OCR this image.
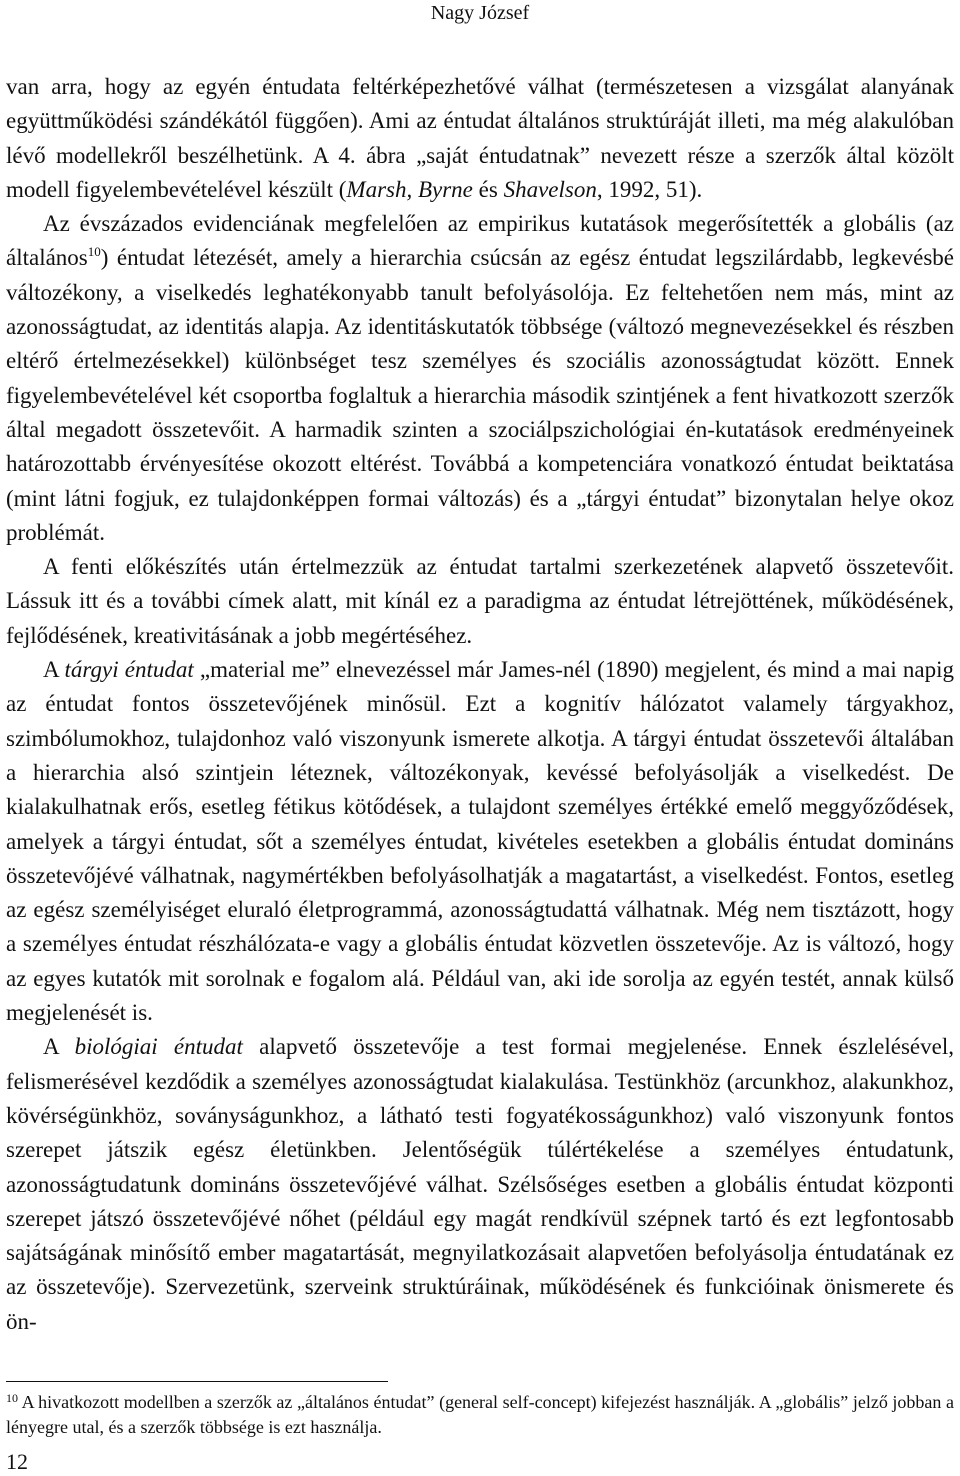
Nagy József

van arra, hogy az egyén éntudata feltérképezhetővé válhat (természetesen a vizsgálat alanyának együttműködési szándékától függően). Ami az éntudat általános struktúráját illeti, ma még alakulóban lévő modellekről beszélhetünk. A 4. ábra „saját éntudatnak” nevezett része a szerzők által közölt modell figyelembevételével készült (Marsh, Byrne és Shavelson, 1992, 51).

Az évszázados evidenciának megfelelően az empirikus kutatások megerősítették a globális (az általános$^{10}$) éntudat létezését, amely a hierarchia csúcsán az egész éntudat legszilárdabb, legkevésbé változékony, a viselkedés leghatékonyabb tanult befolyásolója. Ez feltehetően nem más, mint az azonosságtudat, az identitás alapja. Az identitáskutatók többsége (változó megnevezésekkel és részben eltérő értelmezésekkel) különbséget tesz személyes és szociális azonosságtudat között. Ennek figyelembevételével két csoportba foglaltuk a hierarchia második szintjének a fent hivatkozott szerzők által megadott összetevőit. A harmadik szinten a szociálpszichológiai én-kutatások eredményeinek határozottabb érvényesítése okozott eltérést. Továbbá a kompetenciára vonatkozó éntudat beiktatása (mint látni fogjuk, ez tulajdonképpen formai változás) és a „tárgyi éntudat” bizonytalan helye okoz problémát.

A fenti előkészítés után értelmezzük az éntudat tartalmi szerkezetének alapvető összetevőit. Lássuk itt és a további címek alatt, mit kínál ez a paradigma az éntudat létrejöttének, működésének, fejlődésének, kreativitásának a jobb megértéséhez.

A tárgyi éntudat „material me” elnevezéssel már James-nél (1890) megjelent, és mind a mai napig az éntudat fontos összetevőjének minősül. Ezt a kognitív hálózatot valamely tárgyakhoz, szimbólumokhoz, tulajdonhoz való viszonyunk ismerete alkotja. A tárgyi éntudat összetevői általában a hierarchia alsó szintjein léteznek, változékonyak, kevéssé befolyásolják a viselkedést. De kialakulhatnak erős, esetleg fétikus kötődések, a tulajdont személyes értékké emelő meggyőződések, amelyek a tárgyi éntudat, sőt a személyes éntudat, kivételes esetekben a globális éntudat domináns összetevőjévé válhatnak, nagymértékben befolyásolhatják a magatartást, a viselkedést. Fontos, esetleg az egész személyiséget eluraló életprogrammá, azonosságtudattá válhatnak. Még nem tisztázott, hogy a személyes éntudat részhálózata-e vagy a globális éntudat közvetlen összetevője. Az is változó, hogy az egyes kutatók mit sorolnak e fogalom alá. Például van, aki ide sorolja az egyén testét, annak külső megjelenését is.

A biológiai éntudat alapvető összetevője a test formai megjelenése. Ennek észlelésével, felismerésével kezdődik a személyes azonosságtudat kialakulása. Testünkhöz (arcunkhoz, alakunkhoz, kövérségünkhöz, soványságunkhoz, a látható testi fogyatékosságunkhoz) való viszonyunk fontos szerepet játszik egész életünkben. Jelentőségük túlértékelése a személyes éntudatunk, azonosságtudatunk domináns összetevőjévé válhat. Szélsőséges esetben a globális éntudat központi szerepet játszó összetevőjévé nőhet (például egy magát rendkívül szépnek tartó és ezt legfontosabb sajátságának minősítő ember magatartását, megnyilatkozásait alapvetően befolyásolja éntudatának ez az összetevője). Szervezetünk, szerveink struktúráinak, működésének és funkcióinak önismerete és ön-

$^{10}$ A hivatkozott modellben a szerzők az „általános éntudat” (general self-concept) kifejezést használják. A „globális” jelző jobban a lényegre utal, és a szerzők többsége is ezt használja.
12
